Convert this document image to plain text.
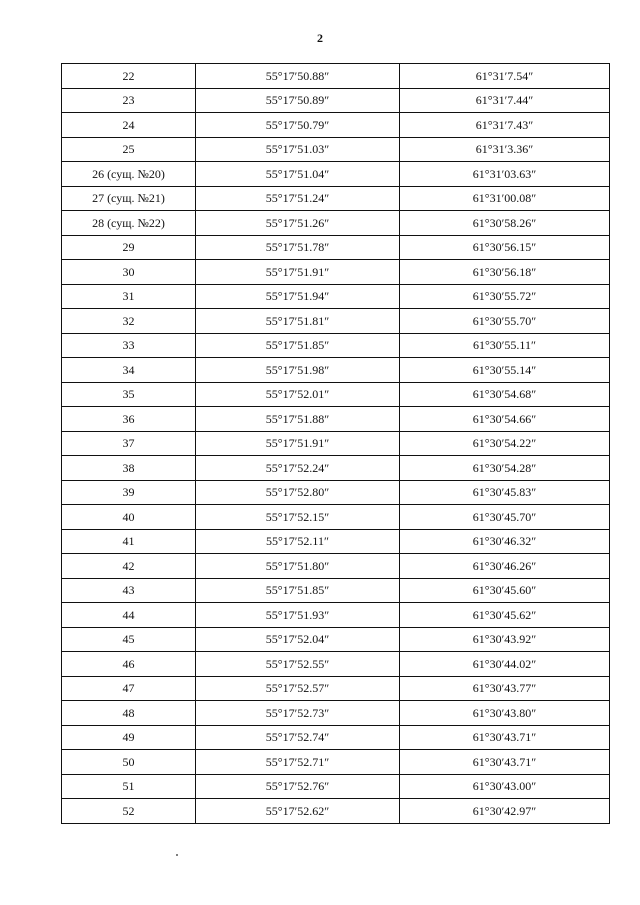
2
22	55°17′50.88″	61°31′7.54″
23	55°17′50.89″	61°31′7.44″
24	55°17′50.79″	61°31′7.43″
25	55°17′51.03″	61°31′3.36″
26 (сущ. №20)	55°17′51.04″	61°31′03.63″
27 (сущ. №21)	55°17′51.24″	61°31′00.08″
28 (сущ. №22)	55°17′51.26″	61°30′58.26″
29	55°17′51.78″	61°30′56.15″
30	55°17′51.91″	61°30′56.18″
31	55°17′51.94″	61°30′55.72″
32	55°17′51.81″	61°30′55.70″
33	55°17′51.85″	61°30′55.11″
34	55°17′51.98″	61°30′55.14″
35	55°17′52.01″	61°30′54.68″
36	55°17′51.88″	61°30′54.66″
37	55°17′51.91″	61°30′54.22″
38	55°17′52.24″	61°30′54.28″
39	55°17′52.80″	61°30′45.83″
40	55°17′52.15″	61°30′45.70″
41	55°17′52.11″	61°30′46.32″
42	55°17′51.80″	61°30′46.26″
43	55°17′51.85″	61°30′45.60″
44	55°17′51.93″	61°30′45.62″
45	55°17′52.04″	61°30′43.92″
46	55°17′52.55″	61°30′44.02″
47	55°17′52.57″	61°30′43.77″
48	55°17′52.73″	61°30′43.80″
49	55°17′52.74″	61°30′43.71″
50	55°17′52.71″	61°30′43.71″
51	55°17′52.76″	61°30′43.00″
52	55°17′52.62″	61°30′42.97″
